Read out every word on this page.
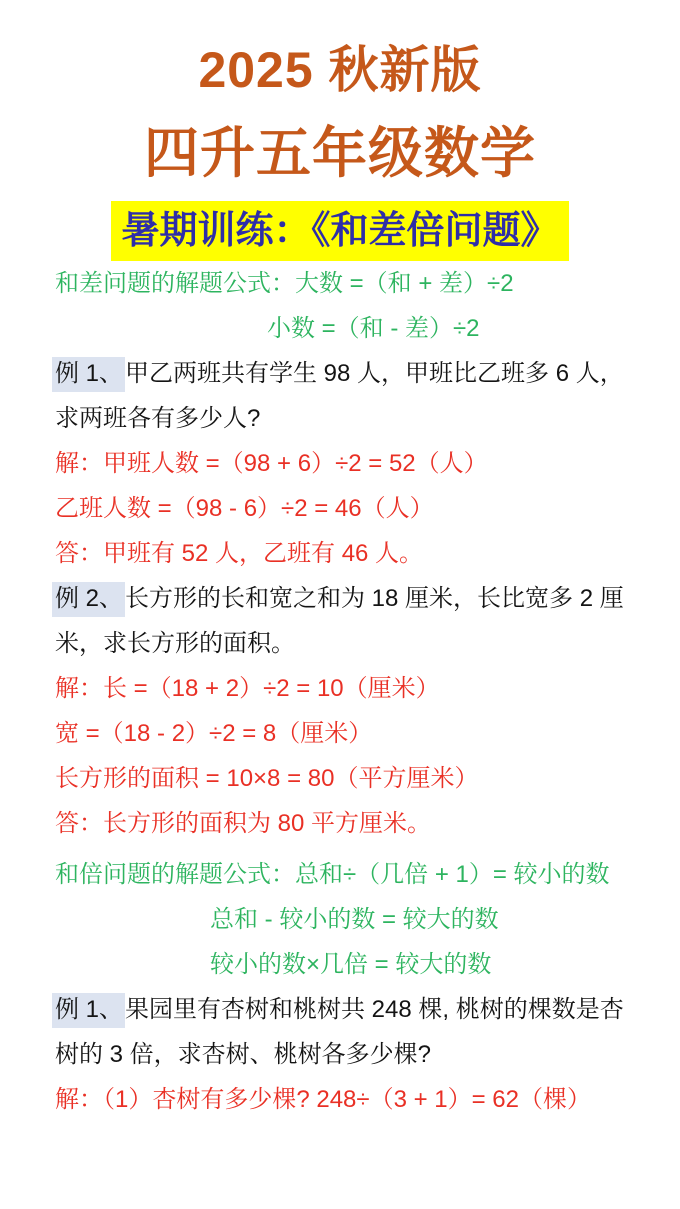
2025 秋新版
四升五年级数学
暑期训练：《和差倍问题》

和差问题的解题公式：大数 =（和 + 差）÷2

小数 =（和 - 差）÷2

例 1、甲乙两班共有学生 98 人，甲班比乙班多 6 人，求两班各有多少人?

解：甲班人数 =（98 + 6）÷2 = 52（人）

乙班人数 =（98 - 6）÷2 = 46（人）

答：甲班有 52 人，乙班有 46 人。

例 2、长方形的长和宽之和为 18 厘米，长比宽多 2 厘米，求长方形的面积。

解：长 =（18 + 2）÷2 = 10（厘米）

宽 =（18 - 2）÷2 = 8（厘米）

长方形的面积 = 10×8 = 80（平方厘米）

答：长方形的面积为 80 平方厘米。

和倍问题的解题公式：总和÷（几倍 + 1）= 较小的数

总和 - 较小的数 = 较大的数

较小的数×几倍 = 较大的数

例 1、果园里有杏树和桃树共 248 棵, 桃树的棵数是杏树的 3 倍，求杏树、桃树各多少棵?

解：（1）杏树有多少棵? 248÷（3 + 1）= 62（棵）
